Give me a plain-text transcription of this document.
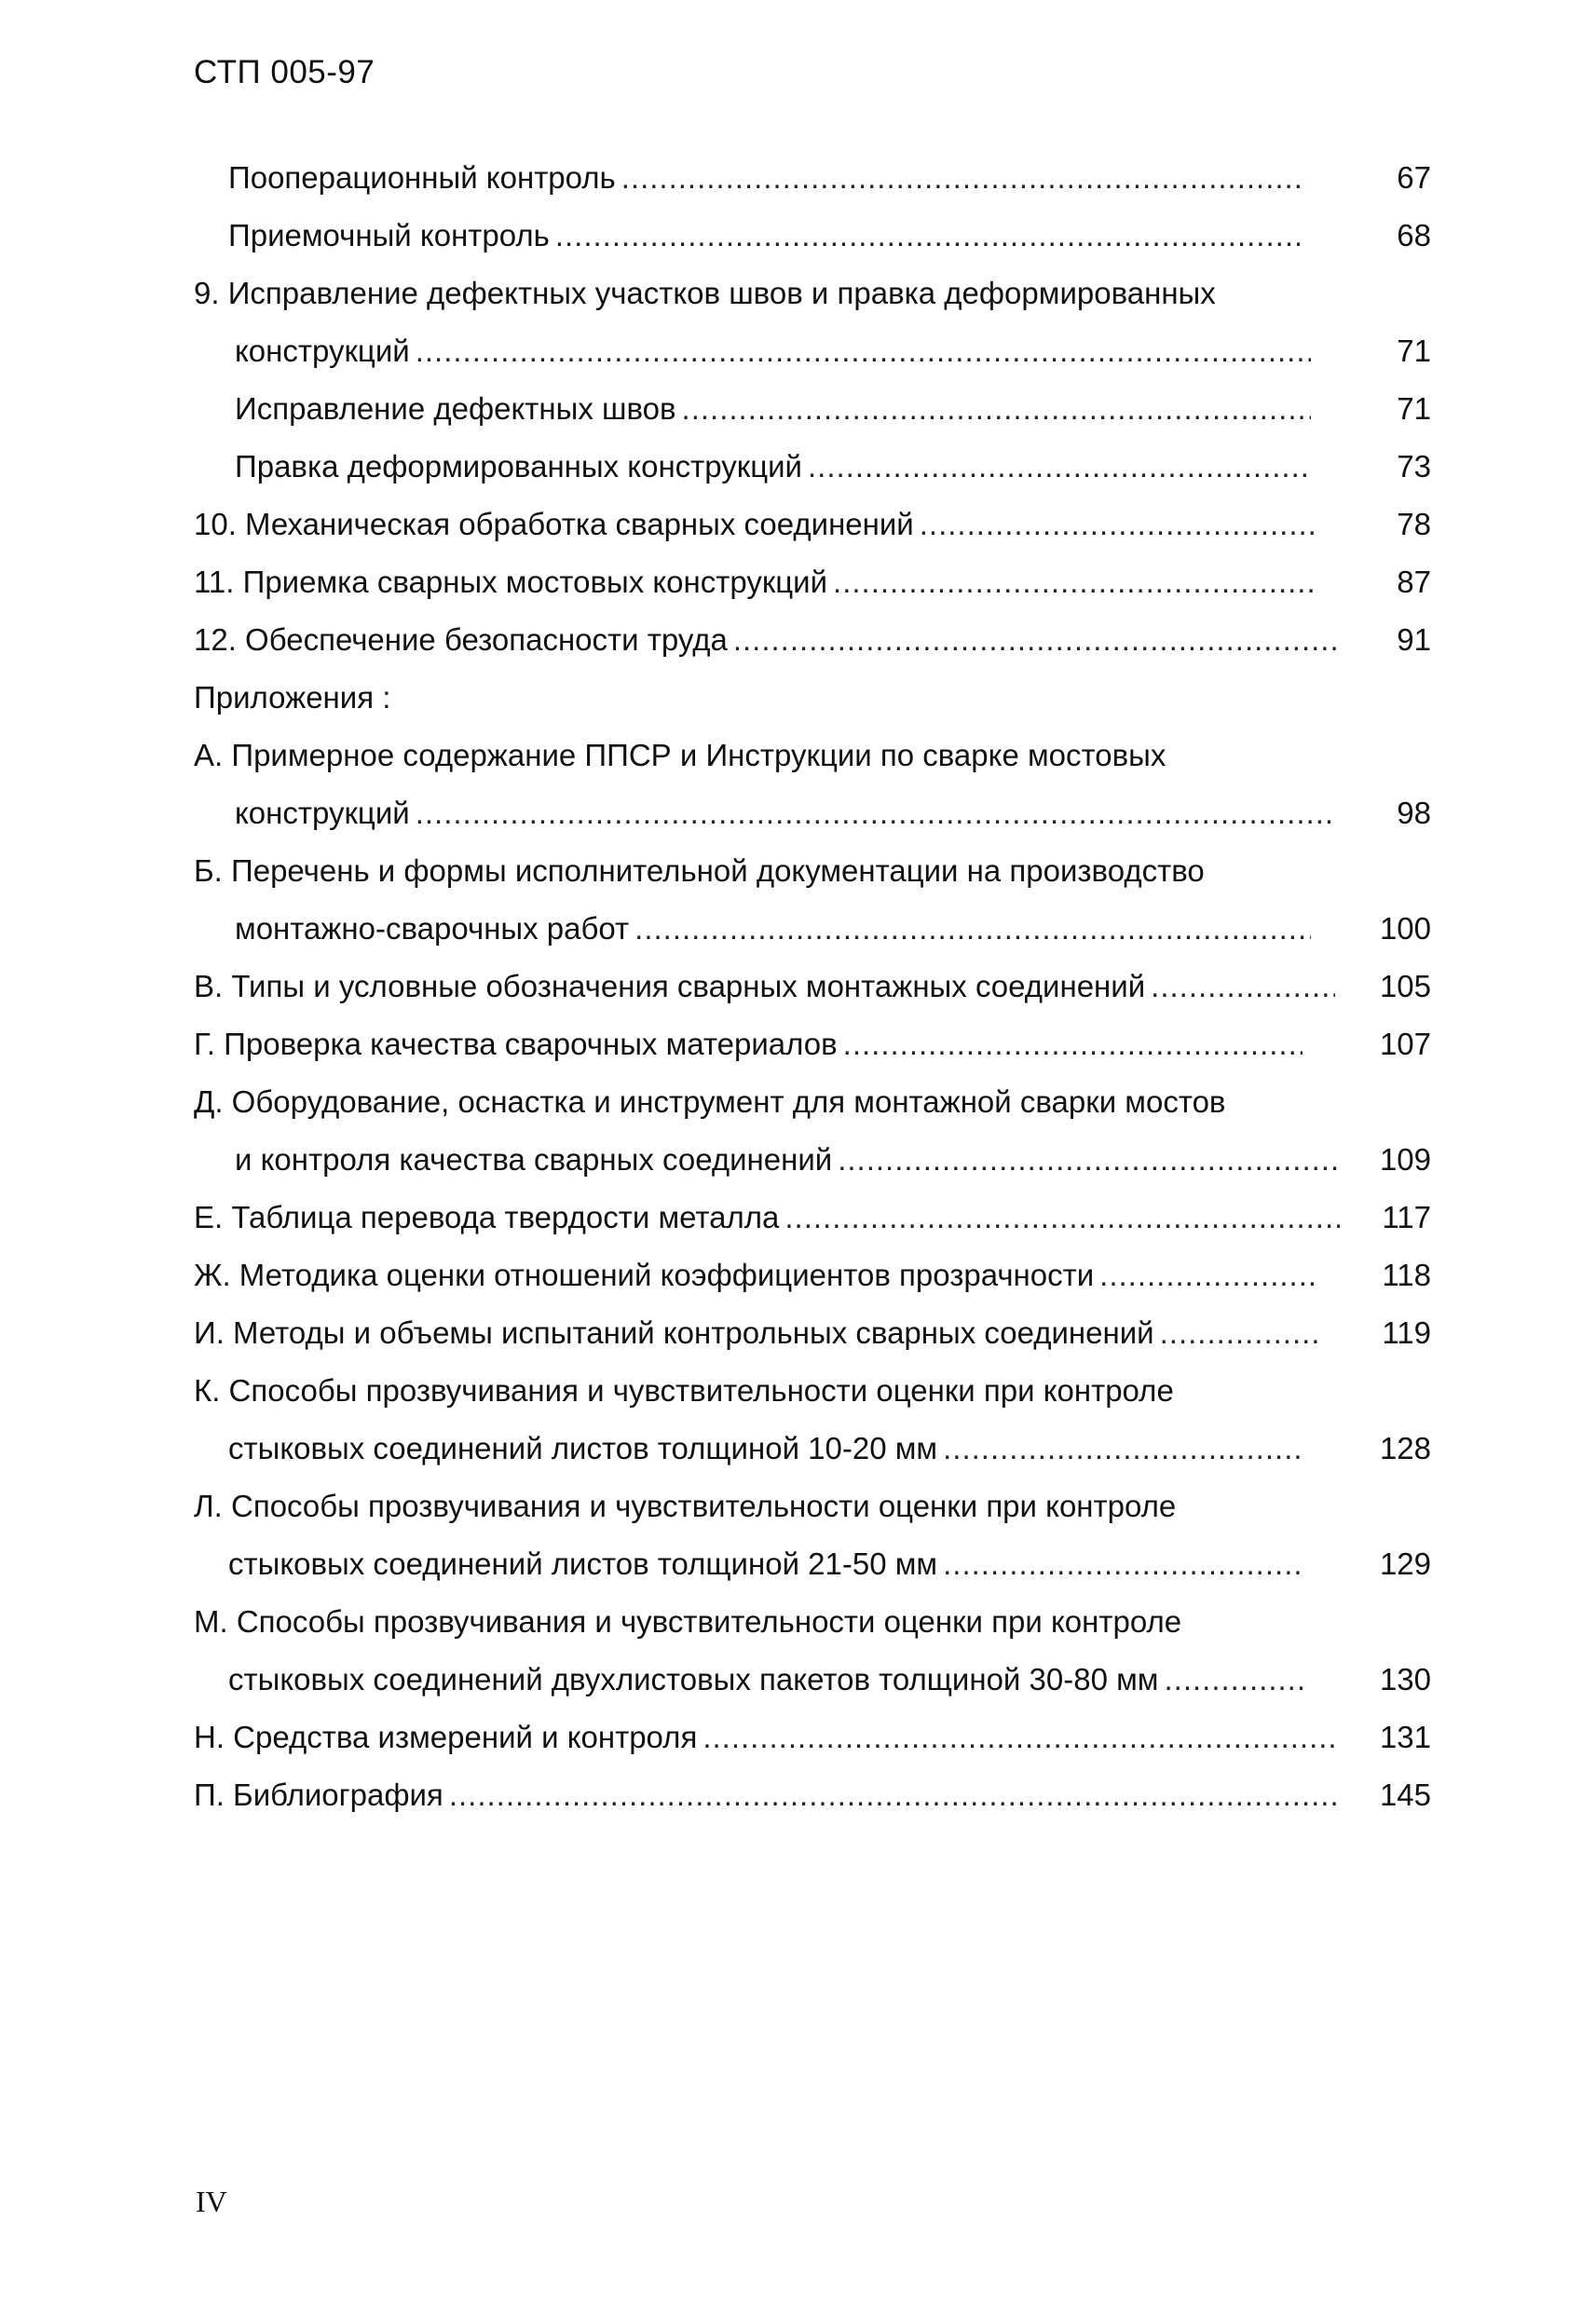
СТП 005-97
Пооперационный контроль .....	67
Приемочный контроль .....	68
9. Исправление дефектных участков швов и правка деформированных
конструкций .....	71
Исправление дефектных швов .....	71
Правка деформированных конструкций .....	73
10. Механическая обработка сварных соединений .....	78
11. Приемка сварных мостовых конструкций .....	87
12. Обеспечение безопасности труда .....	91
Приложения :
А. Примерное содержание ППСР и Инструкции по сварке мостовых
конструкций .....	98
Б. Перечень и формы исполнительной документации на производство
монтажно-сварочных работ .....	100
В. Типы и условные обозначения сварных монтажных соединений .....	105
Г. Проверка качества сварочных материалов .....	107
Д. Оборудование, оснастка и инструмент для монтажной сварки мостов
и контроля качества сварных соединений .....	109
Е. Таблица перевода твердости металла .....	117
Ж. Методика оценки отношений коэффициентов прозрачности .....	118
И. Методы и объемы испытаний контрольных сварных соединений .....	119
К. Способы прозвучивания и чувствительности оценки при контроле
стыковых соединений листов толщиной 10-20 мм .....	128
Л. Способы прозвучивания и чувствительности оценки при контроле
стыковых соединений листов толщиной 21-50 мм .....	129
М. Способы прозвучивания и чувствительности оценки при контроле
стыковых соединений двухлистовых пакетов толщиной 30-80 мм .....	130
Н. Средства измерений и контроля .....	131
П. Библиография .....	145
IV
